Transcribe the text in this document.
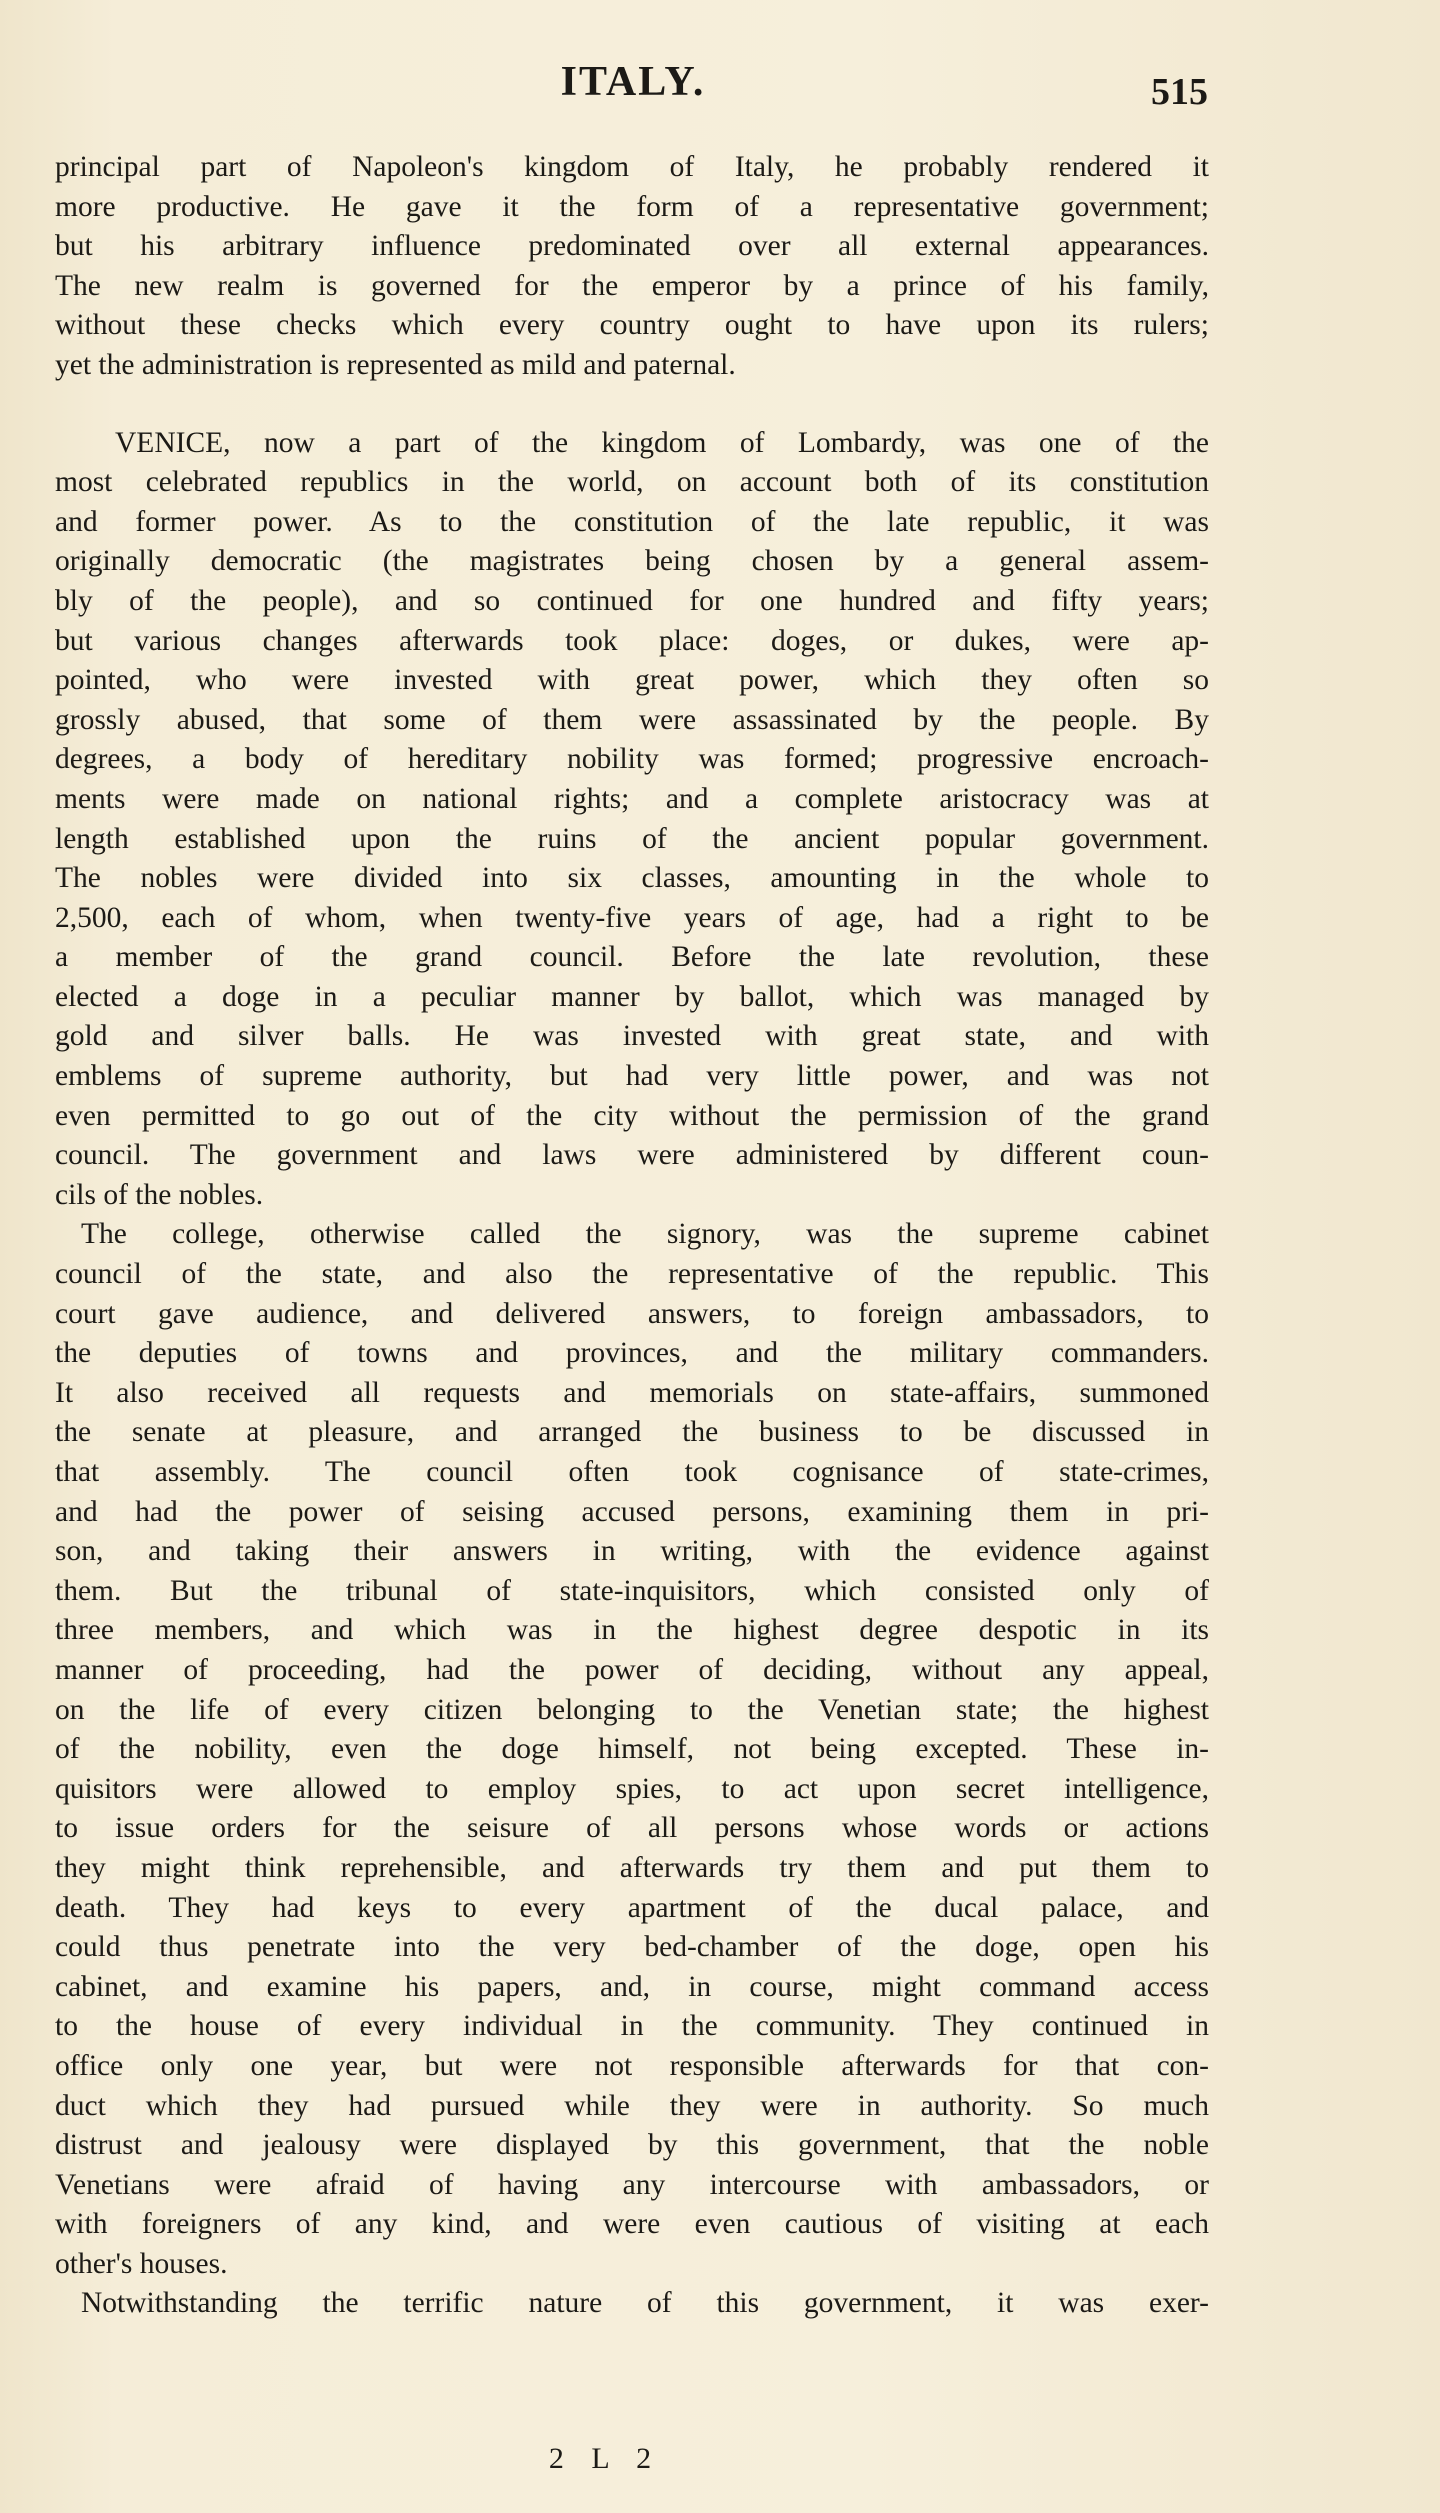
ITALY.	515
principal part of Napoleon's kingdom of Italy, he probably rendered it
more productive. He gave it the form of a representative government;
but his arbitrary influence predominated over all external appearances.
The new realm is governed for the emperor by a prince of his family,
without these checks which every country ought to have upon its rulers;
yet the administration is represented as mild and paternal.
VENICE, now a part of the kingdom of Lombardy, was one of the
most celebrated republics in the world, on account both of its constitution
and former power. As to the constitution of the late republic, it was
originally democratic (the magistrates being chosen by a general assem-
bly of the people), and so continued for one hundred and fifty years;
but various changes afterwards took place: doges, or dukes, were ap-
pointed, who were invested with great power, which they often so
grossly abused, that some of them were assassinated by the people. By
degrees, a body of hereditary nobility was formed; progressive encroach-
ments were made on national rights; and a complete aristocracy was at
length established upon the ruins of the ancient popular government.
The nobles were divided into six classes, amounting in the whole to
2,500, each of whom, when twenty-five years of age, had a right to be
a member of the grand council. Before the late revolution, these
elected a doge in a peculiar manner by ballot, which was managed by
gold and silver balls. He was invested with great state, and with
emblems of supreme authority, but had very little power, and was not
even permitted to go out of the city without the permission of the grand
council. The government and laws were administered by different coun-
cils of the nobles.
The college, otherwise called the signory, was the supreme cabinet
council of the state, and also the representative of the republic. This
court gave audience, and delivered answers, to foreign ambassadors, to
the deputies of towns and provinces, and the military commanders.
It also received all requests and memorials on state-affairs, summoned
the senate at pleasure, and arranged the business to be discussed in
that assembly. The council often took cognisance of state-crimes,
and had the power of seising accused persons, examining them in pri-
son, and taking their answers in writing, with the evidence against
them. But the tribunal of state-inquisitors, which consisted only of
three members, and which was in the highest degree despotic in its
manner of proceeding, had the power of deciding, without any appeal,
on the life of every citizen belonging to the Venetian state; the highest
of the nobility, even the doge himself, not being excepted. These in-
quisitors were allowed to employ spies, to act upon secret intelligence,
to issue orders for the seisure of all persons whose words or actions
they might think reprehensible, and afterwards try them and put them to
death. They had keys to every apartment of the ducal palace, and
could thus penetrate into the very bed-chamber of the doge, open his
cabinet, and examine his papers, and, in course, might command access
to the house of every individual in the community. They continued in
office only one year, but were not responsible afterwards for that con-
duct which they had pursued while they were in authority. So much
distrust and jealousy were displayed by this government, that the noble
Venetians were afraid of having any intercourse with ambassadors, or
with foreigners of any kind, and were even cautious of visiting at each
other's houses.
Notwithstanding the terrific nature of this government, it was exer-
2 L 2
